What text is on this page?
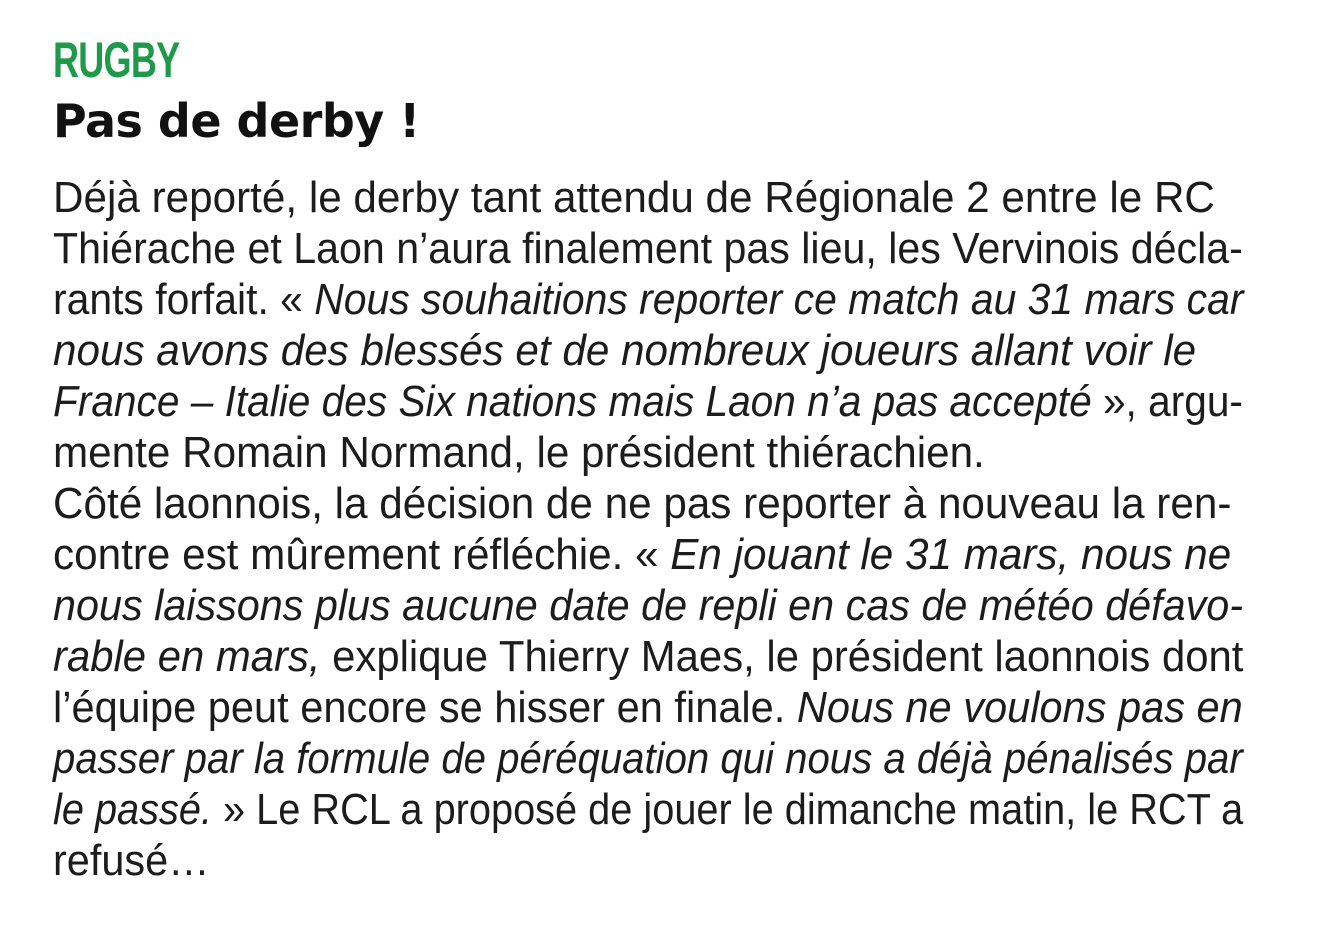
RUGBY
Pas de derby !
Déjà reporté, le derby tant attendu de Régionale 2 entre le RC
Thiérache et Laon n’aura finalement pas lieu, les Vervinois décla-
rants forfait. « Nous souhaitions reporter ce match au 31 mars car
nous avons des blessés et de nombreux joueurs allant voir le
France – Italie des Six nations mais Laon n’a pas accepté », argu-
mente Romain Normand, le président thiérachien.
Côté laonnois, la décision de ne pas reporter à nouveau la ren-
contre est mûrement réfléchie. « En jouant le 31 mars, nous ne
nous laissons plus aucune date de repli en cas de météo défavo-
rable en mars, explique Thierry Maes, le président laonnois dont
l’équipe peut encore se hisser en finale. Nous ne voulons pas en
passer par la formule de péréquation qui nous a déjà pénalisés par
le passé. » Le RCL a proposé de jouer le dimanche matin, le RCT a
refusé…
